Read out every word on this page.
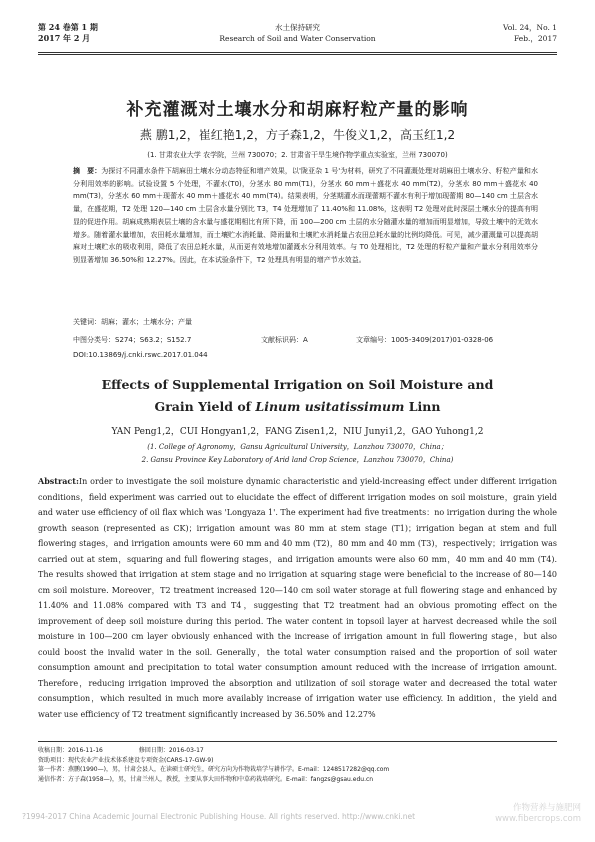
第 24 卷第 1 期
2017 年 2 月
水土保持研究
Research of Soil and Water Conservation
Vol. 24，No. 1
Feb.，2017
补充灌溉对土壤水分和胡麻籽粒产量的影响
燕 鹏1,2，崔红艳1,2，方子森1,2，牛俊义1,2，高玉红1,2
(1. 甘肃农业大学 农学院，兰州 730070；2. 甘肃省干旱生境作物学重点实验室，兰州 730070)
摘　要：为探讨不同灌水条件下胡麻田土壤水分动态特征和增产效果，以'陇亚杂 1 号'为材料，研究了不同灌溉处理对胡麻田土壤水分、籽粒产量和水分利用效率的影响。试验设置 5 个处理，不灌水(T0)，分茎水 80 mm(T1)，分茎水 60 mm＋盛花水 40 mm(T2)，分茎水 80 mm＋盛花水 40 mm(T3)，分茎水 60 mm＋现蕾水 40 mm＋盛花水 40 mm(T4)。结果表明，分茎期灌水而现蕾期不灌水有利于增加现蕾期 80—140 cm 土层含水量，在盛花期，T2 处理 120—140 cm 土层含水量分别比 T3，T4 处理增加了 11.40%和 11.08%，这表明 T2 处理对此时深层土壤水分的提高有明显的促进作用。胡麻成熟期表层土壤的含水量与盛花期相比有所下降，而 100—200 cm 土层的水分随灌水量的增加而明显增加，导致土壤中的无效水增多。随着灌水量增加，农田耗水量增加，而土壤贮水消耗量、降雨量和土壤贮水消耗量占农田总耗水量的比例均降低。可见，减少灌溉量可以提高胡麻对土壤贮水的吸收利用，降低了农田总耗水量，从而更有效地增加灌溉水分利用效率。与 T0 处理相比，T2 处理的籽粒产量和产量水分利用效率分别显著增加 36.50%和 12.27%。因此，在本试验条件下，T2 处理具有明显的增产节水效益。
关键词：胡麻；灌水；土壤水分；产量
中图分类号：S274；S63.2；S152.7	文献标识码：A	文章编号：1005-3409(2017)01-0328-06
DOI:10.13869/j.cnki.rswc.2017.01.044
Effects of Supplemental Irrigation on Soil Moisture and
Grain Yield of Linum usitatissimum Linn
YAN Peng1,2，CUI Hongyan1,2，FANG Zisen1,2，NIU Junyi1,2，GAO Yuhong1,2
(1. College of Agronomy，Gansu Agricultural University，Lanzhou 730070，China；
2. Gansu Province Key Laboratory of Arid land Crop Science，Lanzhou 730070，China)
Abstract:In order to investigate the soil moisture dynamic characteristic and yield-increasing effect under different irrigation conditions，field experiment was carried out to elucidate the effect of different irrigation modes on soil moisture，grain yield and water use efficiency of oil flax which was 'Longyaza 1'. The experiment had five treatments：no irrigation during the whole growth season (represented as CK)；irrigation amount was 80 mm at stem stage (T1)；irrigation began at stem and full flowering stages，and irrigation amounts were 60 mm and 40 mm (T2)，80 mm and 40 mm (T3)，respectively；irrigation was carried out at stem，squaring and full flowering stages，and irrigation amounts were also 60 mm，40 mm and 40 mm (T4). The results showed that irrigation at stem stage and no irrigation at squaring stage were beneficial to the increase of 80—140 cm soil moisture. Moreover，T2 treatment increased 120—140 cm soil water storage at full flowering stage and enhanced by 11.40% and 11.08% compared with T3 and T4，suggesting that T2 treatment had an obvious promoting effect on the improvement of deep soil moisture during this period. The water content in topsoil layer at harvest decreased while the soil moisture in 100—200 cm layer obviously enhanced with the increase of irrigation amount in full flowering stage，but also could boost the invalid water in the soil. Generally，the total water consumption raised and the proportion of soil water consumption amount and precipitation to total water consumption amount reduced with the increase of irrigation amount. Therefore，reducing irrigation improved the absorption and utilization of soil storage water and decreased the total water consumption，which resulted in much more availably increase of irrigation water use efficiency. In addition，the yield and water use efficiency of T2 treatment significantly increased by 36.50% and 12.27%
收稿日期：2016-11-16　　　　　　修回日期：2016-03-17
资助项目：现代农业产业技术体系建设专项资金(CARS-17-GW-9)
第一作者：燕鹏(1990—)，男，甘肃会县人，在读硕士研究生，研究方向为作物栽培学与耕作学。E-mail：1248517282@qq.com
通信作者：方子森(1958—)，男，甘肃兰州人，教授，主要从事大田作物和中草药栽培研究。E-mail：fangzs@gsau.edu.cn
?1994-2017 China Academic Journal Electronic Publishing House. All rights reserved. http://www.cnki.net
作物营养与施肥网
www.fibercrops.com
